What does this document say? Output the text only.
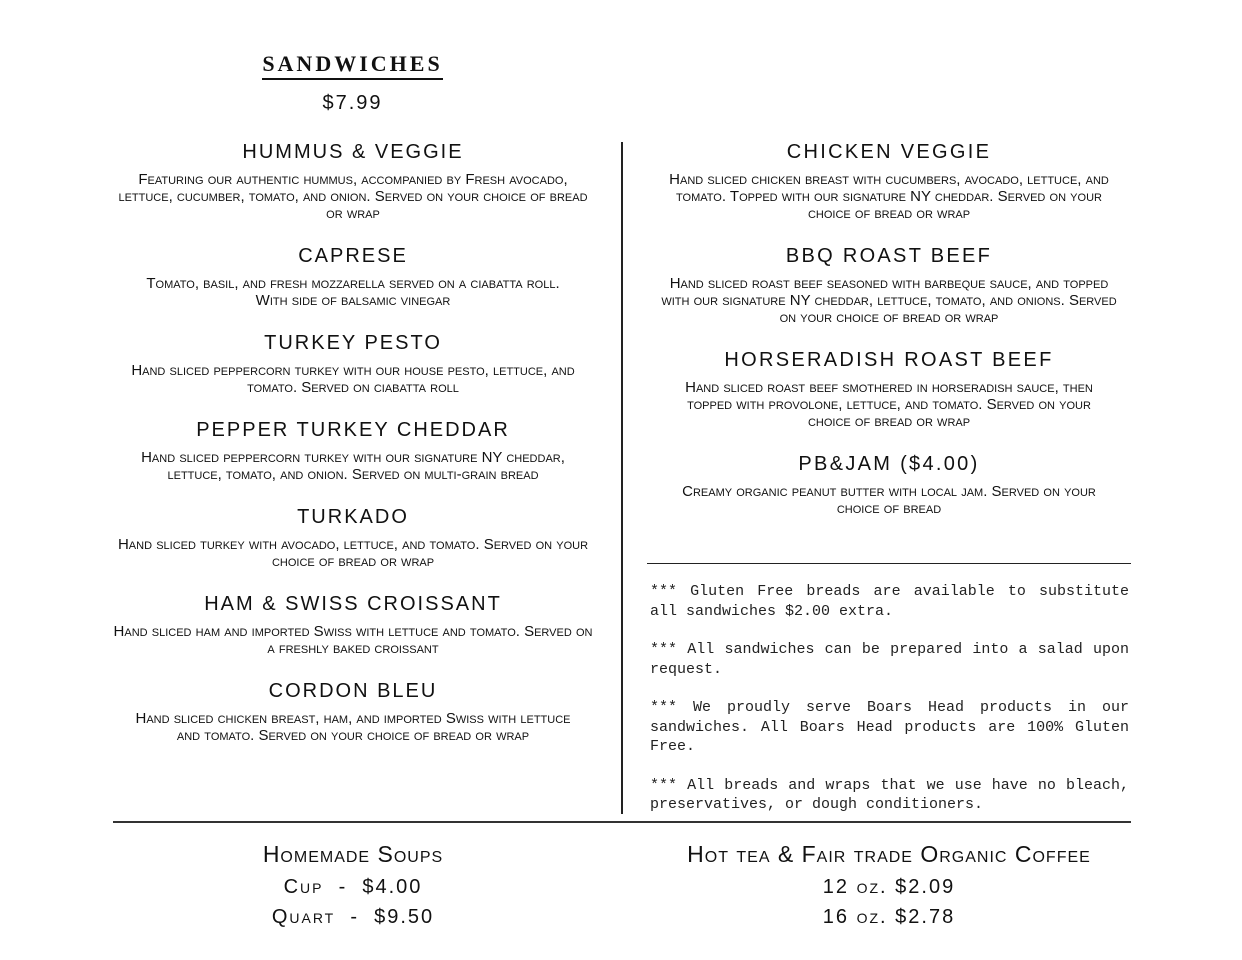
SANDWICHES
$7.99
HUMMUS & VEGGIE
Featuring our authentic hummus, accompanied by Fresh avocado, lettuce, cucumber, tomato, and onion. Served on your choice of bread or wrap
CAPRESE
Tomato, basil, and fresh mozzarella served on a ciabatta roll. With side of balsamic vinegar
TURKEY PESTO
Hand sliced peppercorn turkey with our house pesto, lettuce, and tomato. Served on ciabatta roll
PEPPER TURKEY CHEDDAR
Hand sliced peppercorn turkey with our signature NY cheddar, lettuce, tomato, and onion. Served on multi-grain bread
TURKADO
Hand sliced turkey with avocado, lettuce, and tomato. Served on your choice of bread or wrap
HAM & SWISS CROISSANT
Hand sliced ham and imported Swiss with lettuce and tomato. Served on a freshly baked croissant
CORDON BLEU
Hand sliced chicken breast, ham, and imported Swiss with lettuce and tomato. Served on your choice of bread or wrap
CHICKEN VEGGIE
Hand sliced chicken breast with cucumbers, avocado, lettuce, and tomato. Topped with our signature NY cheddar. Served on your choice of bread or wrap
BBQ ROAST BEEF
Hand sliced roast beef seasoned with barbeque sauce, and topped with our signature NY cheddar, lettuce, tomato, and onions. Served on your choice of bread or wrap
HORSERADISH ROAST BEEF
Hand sliced roast beef smothered in horseradish sauce, then topped with provolone, lettuce, and tomato. Served on your choice of bread or wrap
PB&JAM ($4.00)
Creamy organic peanut butter with local jam. Served on your choice of bread
*** Gluten Free breads are available to substitute all sandwiches $2.00 extra.
*** All sandwiches can be prepared into a salad upon request.
*** We proudly serve Boars Head products in our sandwiches. All Boars Head products are 100% Gluten Free.
*** All breads and wraps that we use have no bleach, preservatives, or dough conditioners.
Homemade Soups
Cup  -  $4.00
Quart  -  $9.50
Hot tea & Fair trade Organic Coffee
12 oz. $2.09
16 oz. $2.78
